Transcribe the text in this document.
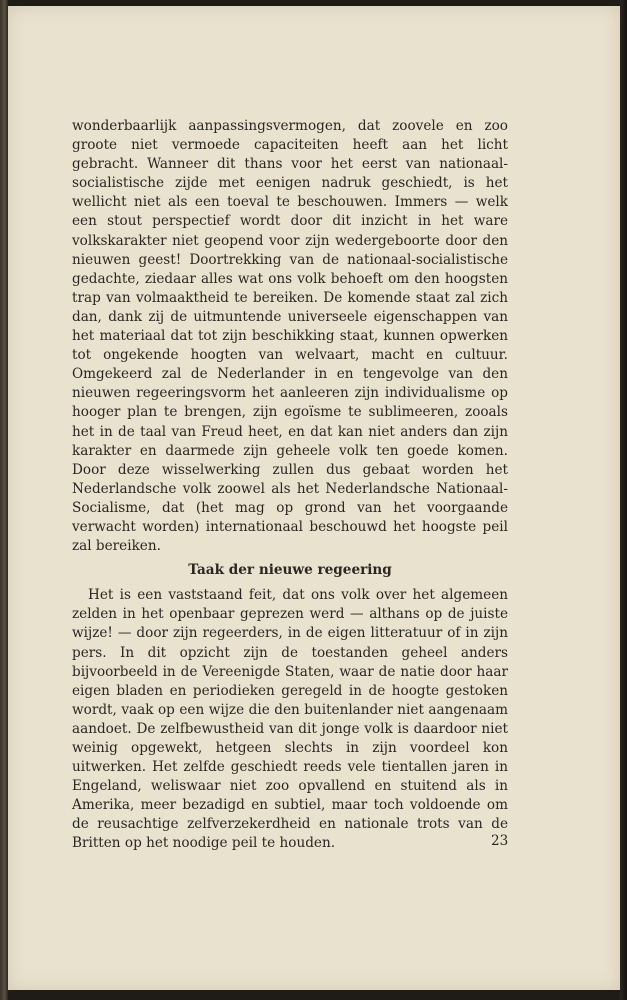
wonderbaarlijk aanpassingsvermogen, dat zoovele en zoo groote niet vermoede capaciteiten heeft aan het licht gebracht. Wanneer dit thans voor het eerst van nationaal-socialistische zijde met eenigen nadruk geschiedt, is het wellicht niet als een toeval te beschouwen. Immers — welk een stout perspectief wordt door dit inzicht in het ware volkskarakter niet geopend voor zijn wedergeboorte door den nieuwen geest! Doortrekking van de nationaal-socialistische gedachte, ziedaar alles wat ons volk behoeft om den hoogsten trap van volmaaktheid te bereiken. De komende staat zal zich dan, dank zij de uitmuntende universeele eigenschappen van het materiaal dat tot zijn beschikking staat, kunnen opwerken tot ongekende hoogten van welvaart, macht en cultuur. Omgekeerd zal de Nederlander in en tengevolge van den nieuwen regeeringsvorm het aanleeren zijn individualisme op hooger plan te brengen, zijn egoïsme te sublimeeren, zooals het in de taal van Freud heet, en dat kan niet anders dan zijn karakter en daarmede zijn geheele volk ten goede komen. Door deze wisselwerking zullen dus gebaat worden het Nederlandsche volk zoowel als het Nederlandsche Nationaal-Socialisme, dat (het mag op grond van het voorgaande verwacht worden) internationaal beschouwd het hoogste peil zal bereiken.

Taak der nieuwe regeering

Het is een vaststaand feit, dat ons volk over het algemeen zelden in het openbaar geprezen werd — althans op de juiste wijze! — door zijn regeerders, in de eigen litteratuur of in zijn pers. In dit opzicht zijn de toestanden geheel anders bijvoorbeeld in de Vereenigde Staten, waar de natie door haar eigen bladen en periodieken geregeld in de hoogte gestoken wordt, vaak op een wijze die den buitenlander niet aangenaam aandoet. De zelfbewustheid van dit jonge volk is daardoor niet weinig opgewekt, hetgeen slechts in zijn voordeel kon uitwerken. Het zelfde geschiedt reeds vele tientallen jaren in Engeland, weliswaar niet zoo opvallend en stuitend als in Amerika, meer bezadigd en subtiel, maar toch voldoende om de reusachtige zelfverzekerdheid en nationale trots van de Britten op het noodige peil te houden.	23
